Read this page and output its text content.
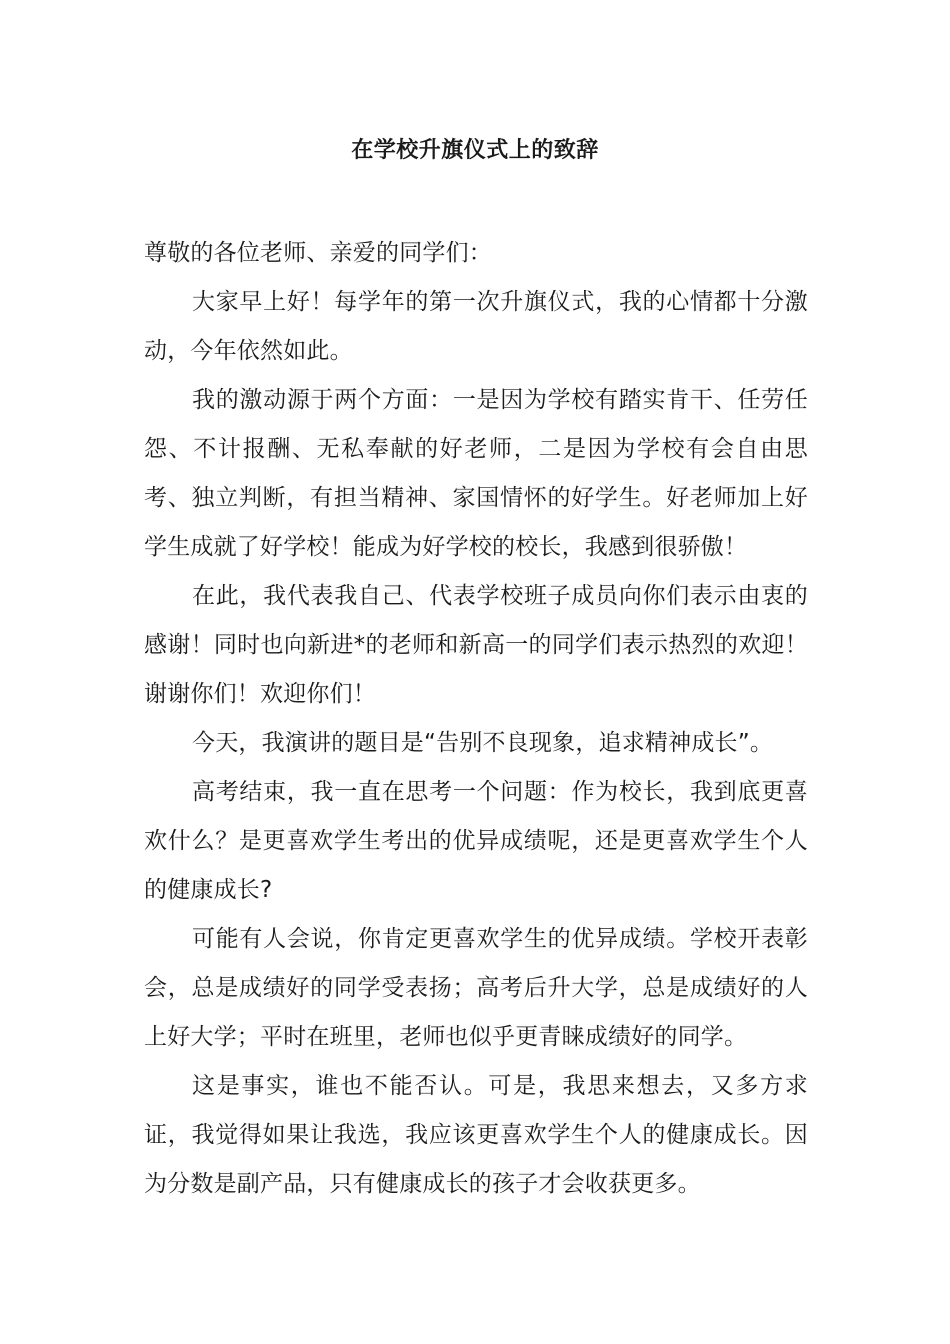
在学校升旗仪式上的致辞

尊敬的各位老师、亲爱的同学们：

大家早上好！每学年的第一次升旗仪式，我的心情都十分激动，今年依然如此。

我的激动源于两个方面：一是因为学校有踏实肯干、任劳任怨、不计报酬、无私奉献的好老师，二是因为学校有会自由思考、独立判断，有担当精神、家国情怀的好学生。好老师加上好学生成就了好学校！能成为好学校的校长，我感到很骄傲！

在此，我代表我自己、代表学校班子成员向你们表示由衷的感谢！同时也向新进*的老师和新高一的同学们表示热烈的欢迎！谢谢你们！欢迎你们！

今天，我演讲的题目是“告别不良现象，追求精神成长”。

高考结束，我一直在思考一个问题：作为校长，我到底更喜欢什么？是更喜欢学生考出的优异成绩呢，还是更喜欢学生个人的健康成长?

可能有人会说，你肯定更喜欢学生的优异成绩。学校开表彰会，总是成绩好的同学受表扬；高考后升大学，总是成绩好的人上好大学；平时在班里，老师也似乎更青睐成绩好的同学。

这是事实，谁也不能否认。可是，我思来想去，又多方求证，我觉得如果让我选，我应该更喜欢学生个人的健康成长。因为分数是副产品，只有健康成长的孩子才会收获更多。
